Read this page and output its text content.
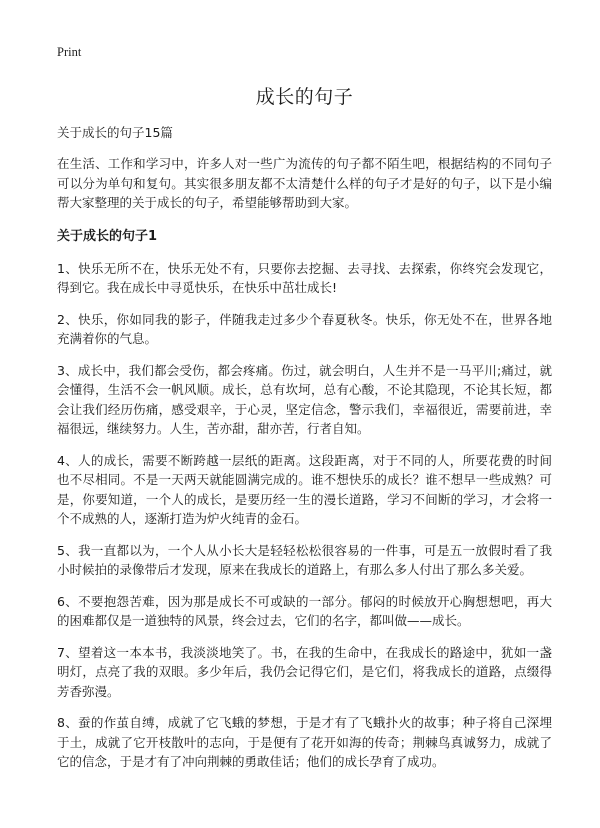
Print
成长的句子
关于成长的句子15篇

在生活、工作和学习中，许多人对一些广为流传的句子都不陌生吧，根据结构的不同句子可以分为单句和复句。其实很多朋友都不太清楚什么样的句子才是好的句子，以下是小编帮大家整理的关于成长的句子，希望能够帮助到大家。

关于成长的句子1

1、快乐无所不在，快乐无处不有，只要你去挖掘、去寻找、去探索，你终究会发现它，得到它。我在成长中寻觅快乐，在快乐中茁壮成长!

2、快乐，你如同我的影子，伴随我走过多少个春夏秋冬。快乐，你无处不在，世界各地充满着你的气息。

3、成长中，我们都会受伤，都会疼痛。伤过，就会明白，人生并不是一马平川;痛过，就会懂得，生活不会一帆风顺。成长，总有坎坷，总有心酸，不论其隐现，不论其长短，都会让我们经历伤痛，感受艰辛，于心灵，坚定信念，警示我们，幸福很近，需要前进，幸福很远，继续努力。人生，苦亦甜，甜亦苦，行者自知。

4、人的成长，需要不断跨越一层纸的距离。这段距离，对于不同的人，所要花费的时间也不尽相同。不是一天两天就能圆满完成的。谁不想快乐的成长？谁不想早一些成熟？可是，你要知道，一个人的成长，是要历经一生的漫长道路，学习不间断的学习，才会将一个不成熟的人，逐渐打造为炉火纯青的金石。

5、我一直都以为，一个人从小长大是轻轻松松很容易的一件事，可是五一放假时看了我小时候拍的录像带后才发现，原来在我成长的道路上，有那么多人付出了那么多关爱。

6、不要抱怨苦难，因为那是成长不可或缺的一部分。郁闷的时候放开心胸想想吧，再大的困难都仅是一道独特的风景，终会过去，它们的名字，都叫做——成长。

7、望着这一本本书，我淡淡地笑了。书，在我的生命中，在我成长的路途中，犹如一盏明灯，点亮了我的双眼。多少年后，我仍会记得它们，是它们，将我成长的道路，点缀得芳香弥漫。

8、蚕的作茧自缚，成就了它飞蛾的梦想，于是才有了飞蛾扑火的故事；种子将自己深埋于土，成就了它开枝散叶的志向，于是便有了花开如海的传奇；荆棘鸟真诚努力，成就了它的信念，于是才有了冲向荆棘的勇敢佳话；他们的成长孕育了成功。
